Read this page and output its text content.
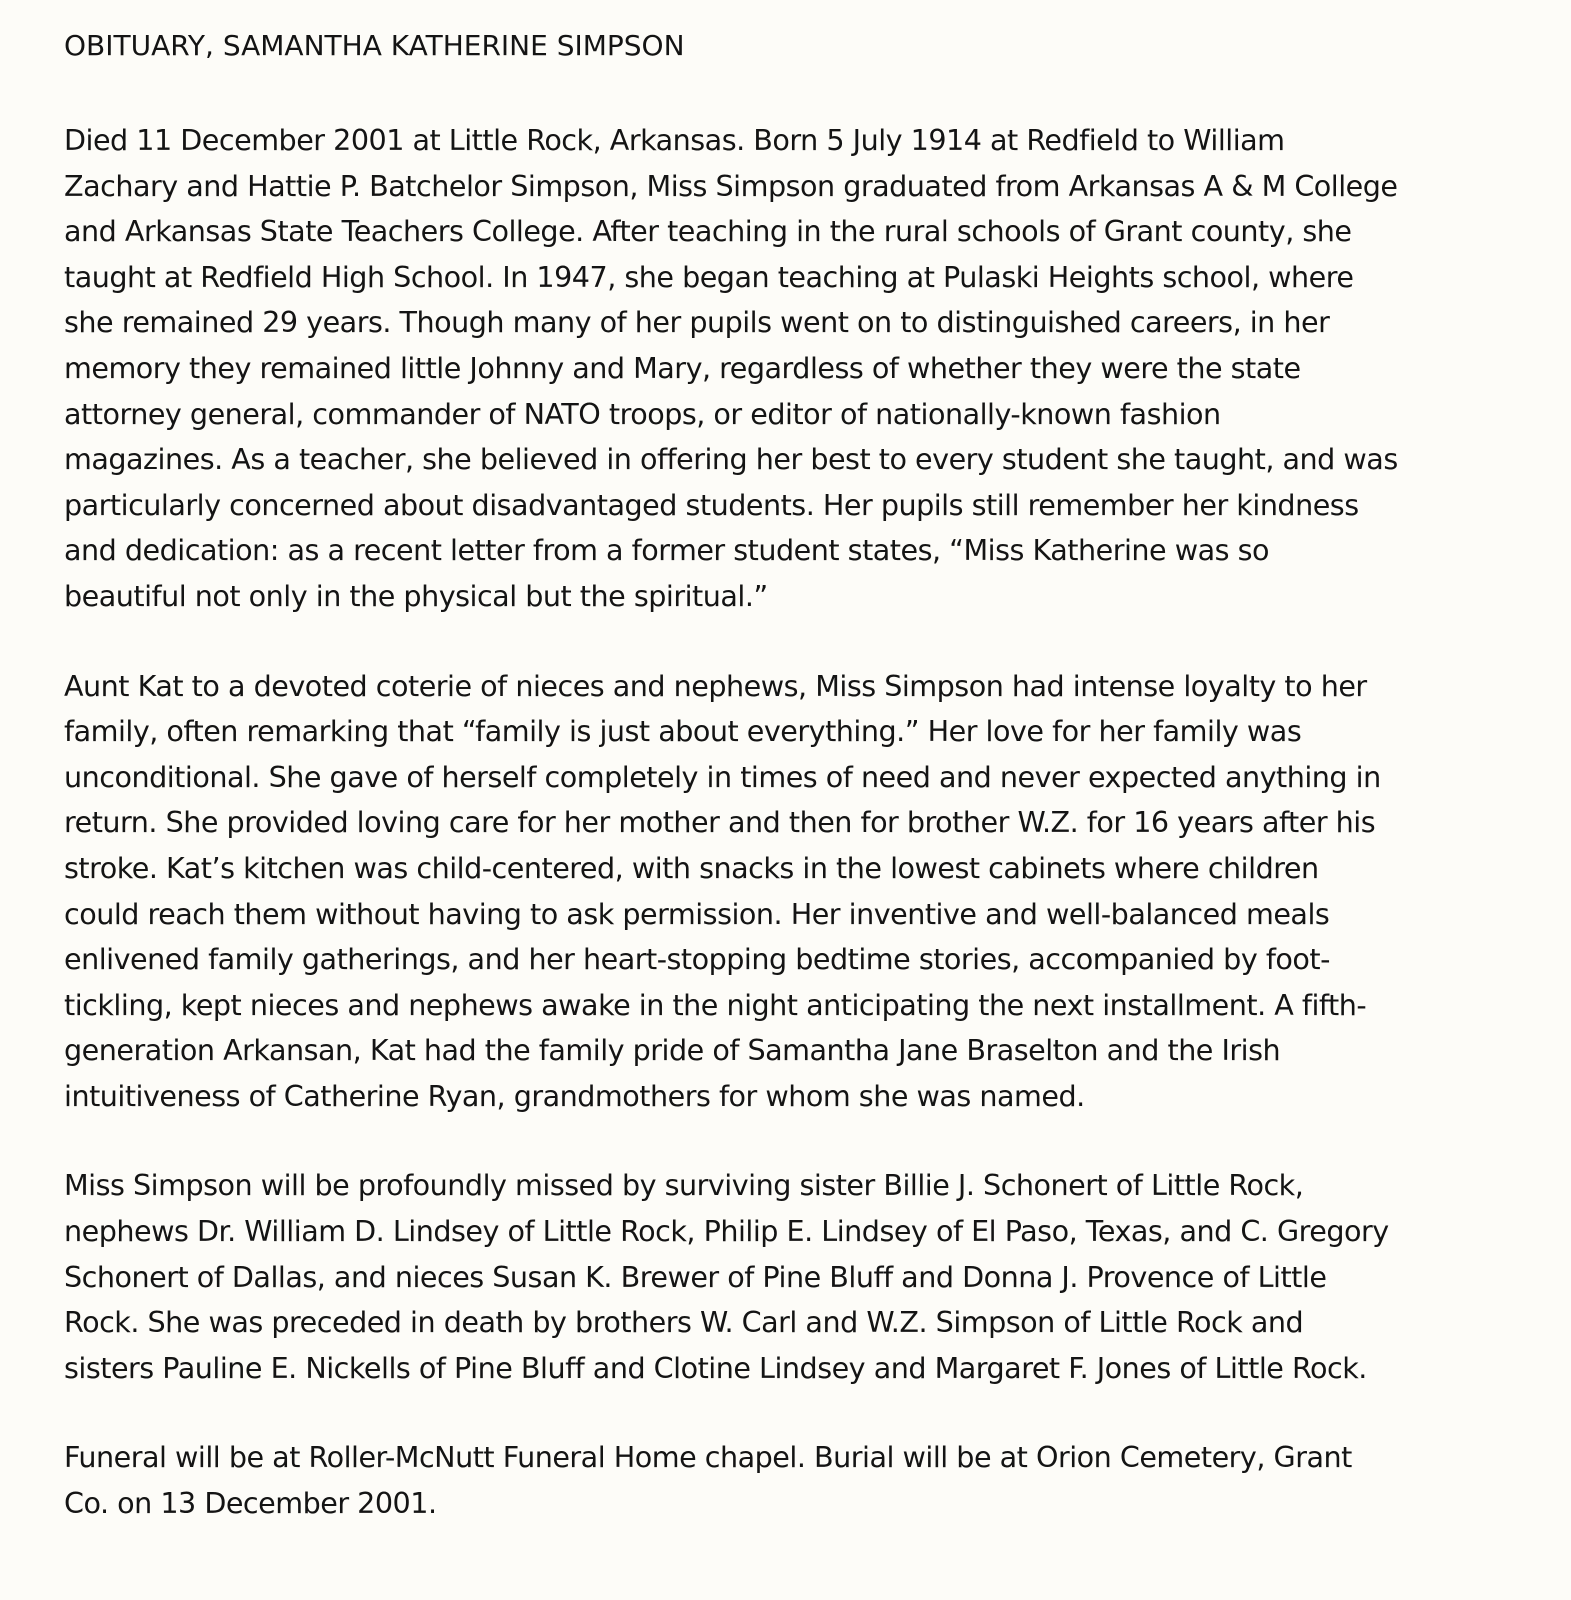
OBITUARY, SAMANTHA KATHERINE SIMPSON

Died 11 December 2001 at Little Rock, Arkansas. Born 5 July 1914 at Redfield to William
Zachary and Hattie P. Batchelor Simpson, Miss Simpson graduated from Arkansas A & M College
and Arkansas State Teachers College. After teaching in the rural schools of Grant county, she
taught at Redfield High School. In 1947, she began teaching at Pulaski Heights school, where
she remained 29 years. Though many of her pupils went on to distinguished careers, in her
memory they remained little Johnny and Mary, regardless of whether they were the state
attorney general, commander of NATO troops, or editor of nationally-known fashion
magazines. As a teacher, she believed in offering her best to every student she taught, and was
particularly concerned about disadvantaged students. Her pupils still remember her kindness
and dedication: as a recent letter from a former student states, “Miss Katherine was so
beautiful not only in the physical but the spiritual.”

Aunt Kat to a devoted coterie of nieces and nephews, Miss Simpson had intense loyalty to her
family, often remarking that “family is just about everything.” Her love for her family was
unconditional. She gave of herself completely in times of need and never expected anything in
return. She provided loving care for her mother and then for brother W.Z. for 16 years after his
stroke. Kat’s kitchen was child-centered, with snacks in the lowest cabinets where children
could reach them without having to ask permission. Her inventive and well-balanced meals
enlivened family gatherings, and her heart-stopping bedtime stories, accompanied by foot-
tickling, kept nieces and nephews awake in the night anticipating the next installment. A fifth-
generation Arkansan, Kat had the family pride of Samantha Jane Braselton and the Irish
intuitiveness of Catherine Ryan, grandmothers for whom she was named.

Miss Simpson will be profoundly missed by surviving sister Billie J. Schonert of Little Rock,
nephews Dr. William D. Lindsey of Little Rock, Philip E. Lindsey of El Paso, Texas, and C. Gregory
Schonert of Dallas, and nieces Susan K. Brewer of Pine Bluff and Donna J. Provence of Little
Rock. She was preceded in death by brothers W. Carl and W.Z. Simpson of Little Rock and
sisters Pauline E. Nickells of Pine Bluff and Clotine Lindsey and Margaret F. Jones of Little Rock.

Funeral will be at Roller-McNutt Funeral Home chapel. Burial will be at Orion Cemetery, Grant
Co. on 13 December 2001.
